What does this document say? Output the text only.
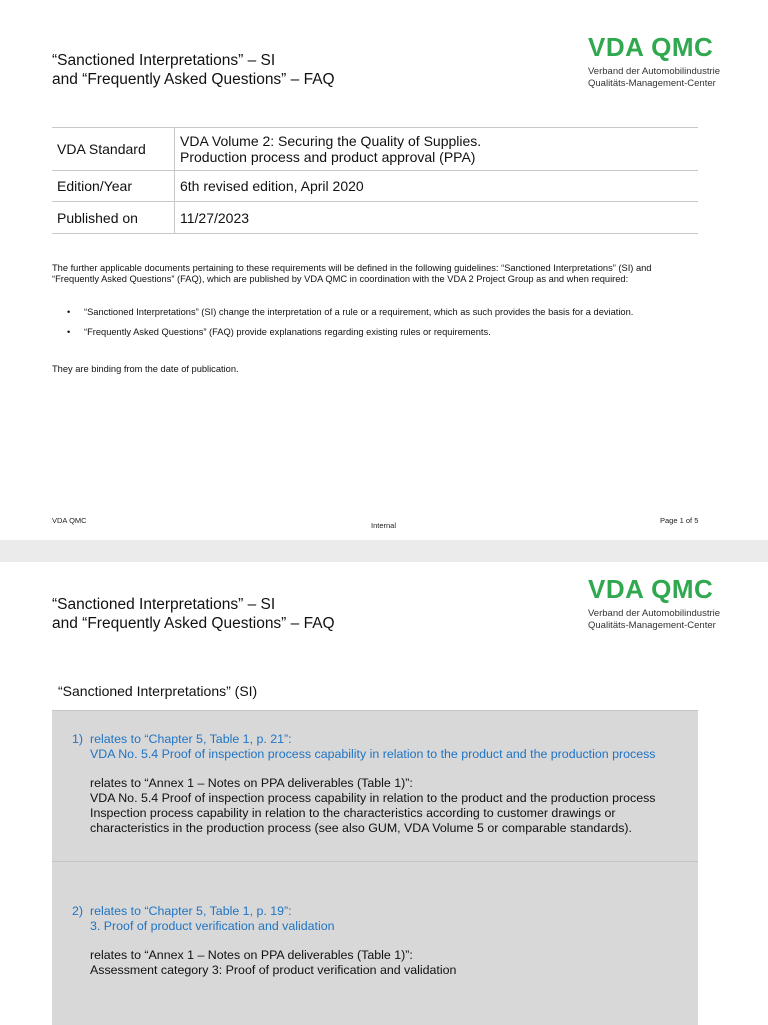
“Sanctioned Interpretations” – SI
and “Frequently Asked Questions” – FAQ
VDA QMC
Verband der Automobilindustrie
Qualitäts-Management-Center
VDA Standard	VDA Volume 2: Securing the Quality of Supplies.
Production process and product approval (PPA)

Edition/Year	6th revised edition, April 2020
Published on	11/27/2023
The further applicable documents pertaining to these requirements will be defined in the following guidelines: “Sanctioned Interpretations” (SI) and “Frequently Asked Questions” (FAQ), which are published by VDA QMC in coordination with the VDA 2 Project Group as and when required:
• “Sanctioned Interpretations” (SI) change the interpretation of a rule or a requirement, which as such provides the basis for a deviation.
• “Frequently Asked Questions” (FAQ) provide explanations regarding existing rules or requirements.
They are binding from the date of publication.
VDA QMC
Internal
Page 1 of 5
“Sanctioned Interpretations” – SI
and “Frequently Asked Questions” – FAQ
VDA QMC
Verband der Automobilindustrie
Qualitäts-Management-Center
“Sanctioned Interpretations” (SI)
1) relates to “Chapter 5, Table 1, p. 21”:
VDA No. 5.4 Proof of inspection process capability in relation to the product and the production process
relates to “Annex 1 – Notes on PPA deliverables (Table 1)”:
VDA No. 5.4 Proof of inspection process capability in relation to the product and the production process
Inspection process capability in relation to the characteristics according to customer drawings or
characteristics in the production process (see also GUM, VDA Volume 5 or comparable standards).
2) relates to “Chapter 5, Table 1, p. 19”:
3. Proof of product verification and validation
relates to “Annex 1 – Notes on PPA deliverables (Table 1)”:
Assessment category 3: Proof of product verification and validation
